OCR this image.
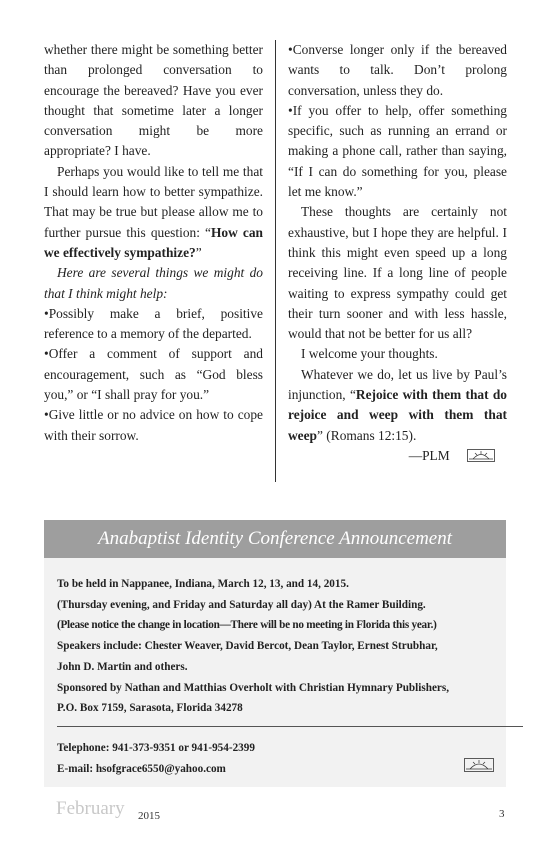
whether there might be something better than prolonged conversation to encourage the bereaved? Have you ever thought that sometime later a longer conversation might be more appropriate? I have.

Perhaps you would like to tell me that I should learn how to better sympathize. That may be true but please allow me to further pursue this question: “How can we effectively sympathize?”

Here are several things we might do that I think might help:

•Possibly make a brief, positive reference to a memory of the departed.

•Offer a comment of support and encouragement, such as “God bless you,” or “I shall pray for you.”

•Give little or no advice on how to cope with their sorrow.

•Converse longer only if the bereaved wants to talk. Don’t prolong conversation, unless they do.

•If you offer to help, offer something specific, such as running an errand or making a phone call, rather than saying, “If I can do something for you, please let me know.”

These thoughts are certainly not exhaustive, but I hope they are helpful. I think this might even speed up a long receiving line. If a long line of people waiting to express sympathy could get their turn sooner and with less hassle, would that not be better for us all?

I welcome your thoughts.

Whatever we do, let us live by Paul’s injunction, “Rejoice with them that do rejoice and weep with them that weep” (Romans 12:15).

—PLM

Anabaptist Identity Conference Announcement
To be held in Nappanee, Indiana, March 12, 13, and 14, 2015.
(Thursday evening, and Friday and Saturday all day) At the Ramer Building.
(Please notice the change in location—There will be no meeting in Florida this year.)
Speakers include: Chester Weaver, David Bercot, Dean Taylor, Ernest Strubhar,
John D. Martin and others.
Sponsored by Nathan and Matthias Overholt with Christian Hymnary Publishers,
P.O. Box 7159, Sarasota, Florida 34278
Telephone: 941-373-9351 or 941-954-2399
E-mail: hsofgrace6550@yahoo.com
February 2015	3
